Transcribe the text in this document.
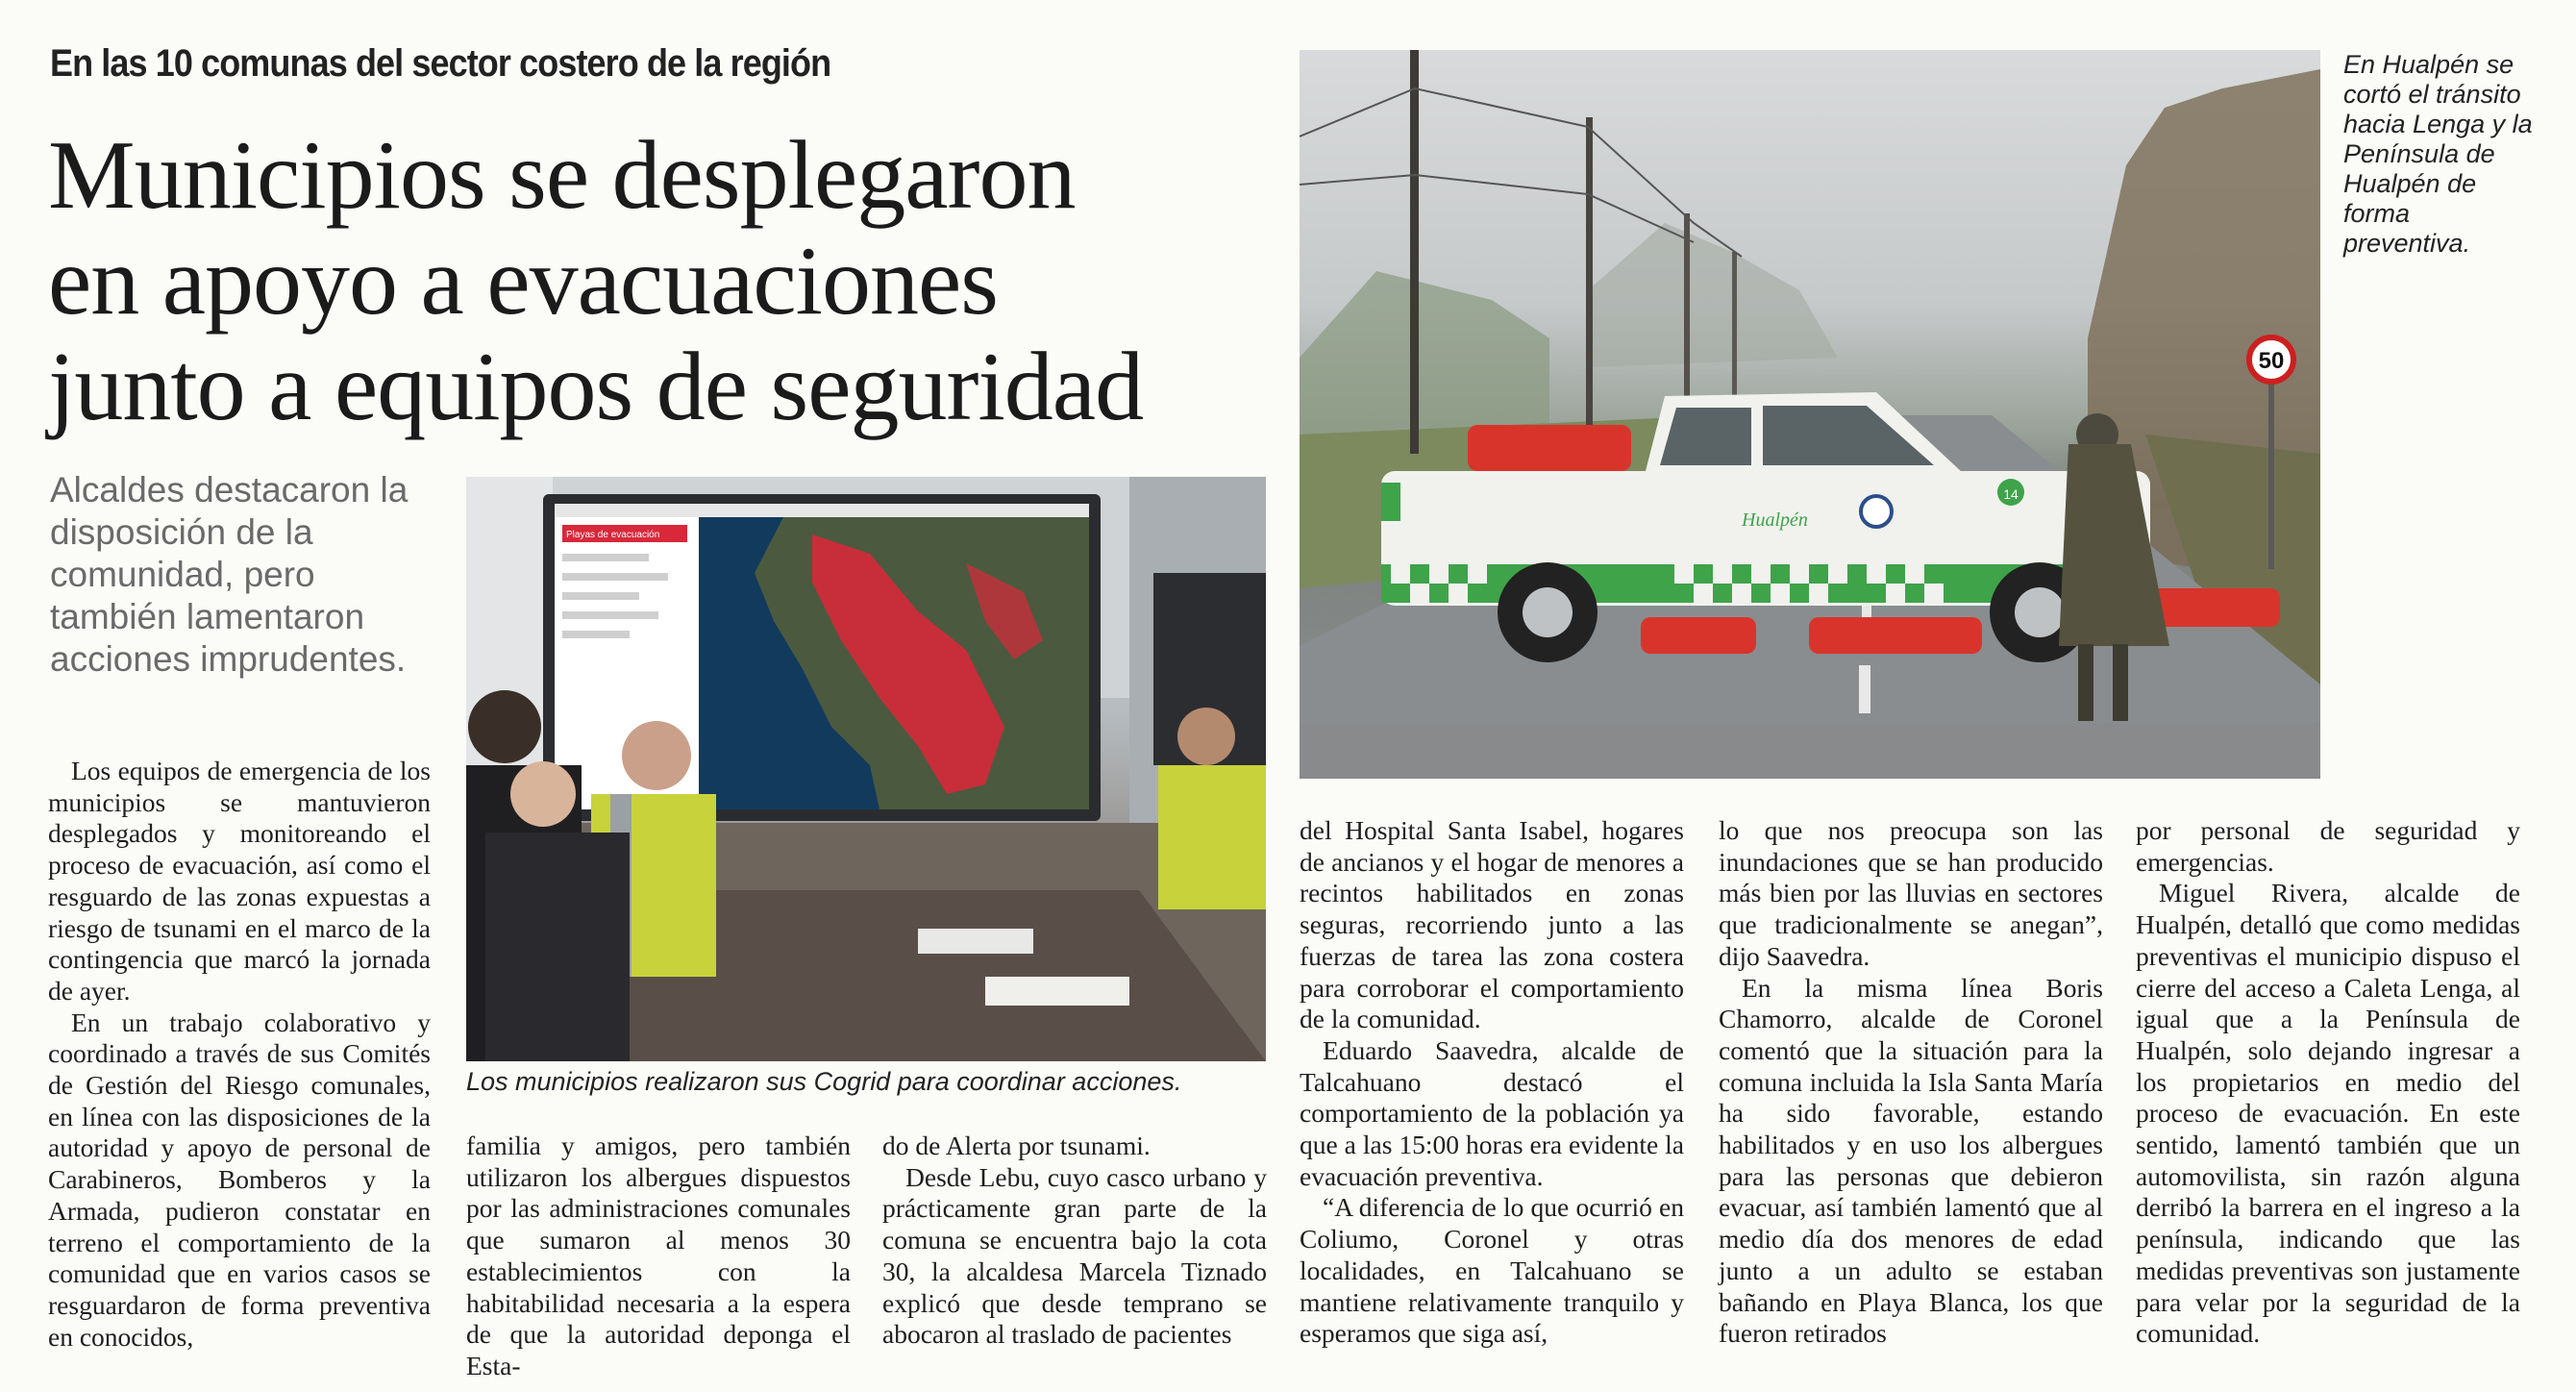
En las 10 comunas del sector costero de la región
Municipios se desplegaron
en apoyo a evacuaciones
junto a equipos de seguridad
Alcaldes destacaron la disposición de la comunidad, pero también lamentaron acciones imprudentes.
Playas de evacuación
Los municipios realizaron sus Cogrid para coordinar acciones.
50
Hualpén
14
En Hualpén se cortó el tránsito hacia Lenga y la Península de Hualpén de forma preventiva.

Los equipos de emergencia de los municipios se mantuvieron desplegados y monitoreando el proceso de evacuación, así como el resguardo de las zonas expuestas a riesgo de tsunami en el marco de la contingencia que marcó la jornada de ayer.

En un trabajo colaborativo y coordinado a través de sus Comités de Gestión del Riesgo comunales, en línea con las disposiciones de la autoridad y apoyo de personal de Carabineros, Bomberos y la Armada, pudieron constatar en terreno el comportamiento de la comunidad que en varios casos se resguardaron de forma preventiva en conocidos,

familia y amigos, pero también utilizaron los albergues dispuestos por las administraciones comunales que sumaron al menos 30 establecimientos con la habitabilidad necesaria a la espera de que la autoridad deponga el Esta-

do de Alerta por tsunami.

Desde Lebu, cuyo casco urbano y prácticamente gran parte de la comuna se encuentra bajo la cota 30, la alcaldesa Marcela Tiznado explicó que desde temprano se abocaron al traslado de pacientes

del Hospital Santa Isabel, hogares de ancianos y el hogar de menores a recintos habilitados en zonas seguras, recorriendo junto a las fuerzas de tarea las zona costera para corroborar el comportamiento de la comunidad.

Eduardo Saavedra, alcalde de Talcahuano destacó el comportamiento de la población ya que a las 15:00 horas era evidente la evacuación preventiva.

“A diferencia de lo que ocurrió en Coliumo, Coronel y otras localidades, en Talcahuano se mantiene relativamente tranquilo y esperamos que siga así,

lo que nos preocupa son las inundaciones que se han producido más bien por las lluvias en sectores que tradicionalmente se anegan”, dijo Saavedra.

En la misma línea Boris Chamorro, alcalde de Coronel comentó que la situación para la comuna incluida la Isla Santa María ha sido favorable, estando habilitados y en uso los albergues para las personas que debieron evacuar, así también lamentó que al medio día dos menores de edad junto a un adulto se estaban bañando en Playa Blanca, los que fueron retirados

por personal de seguridad y emergencias.

Miguel Rivera, alcalde de Hualpén, detalló que como medidas preventivas el municipio dispuso el cierre del acceso a Caleta Lenga, al igual que a la Península de Hualpén, solo dejando ingresar a los propietarios en medio del proceso de evacuación. En este sentido, lamentó también que un automovilista, sin razón alguna derribó la barrera en el ingreso a la península, indicando que las medidas preventivas son justamente para velar por la seguridad de la comunidad.
